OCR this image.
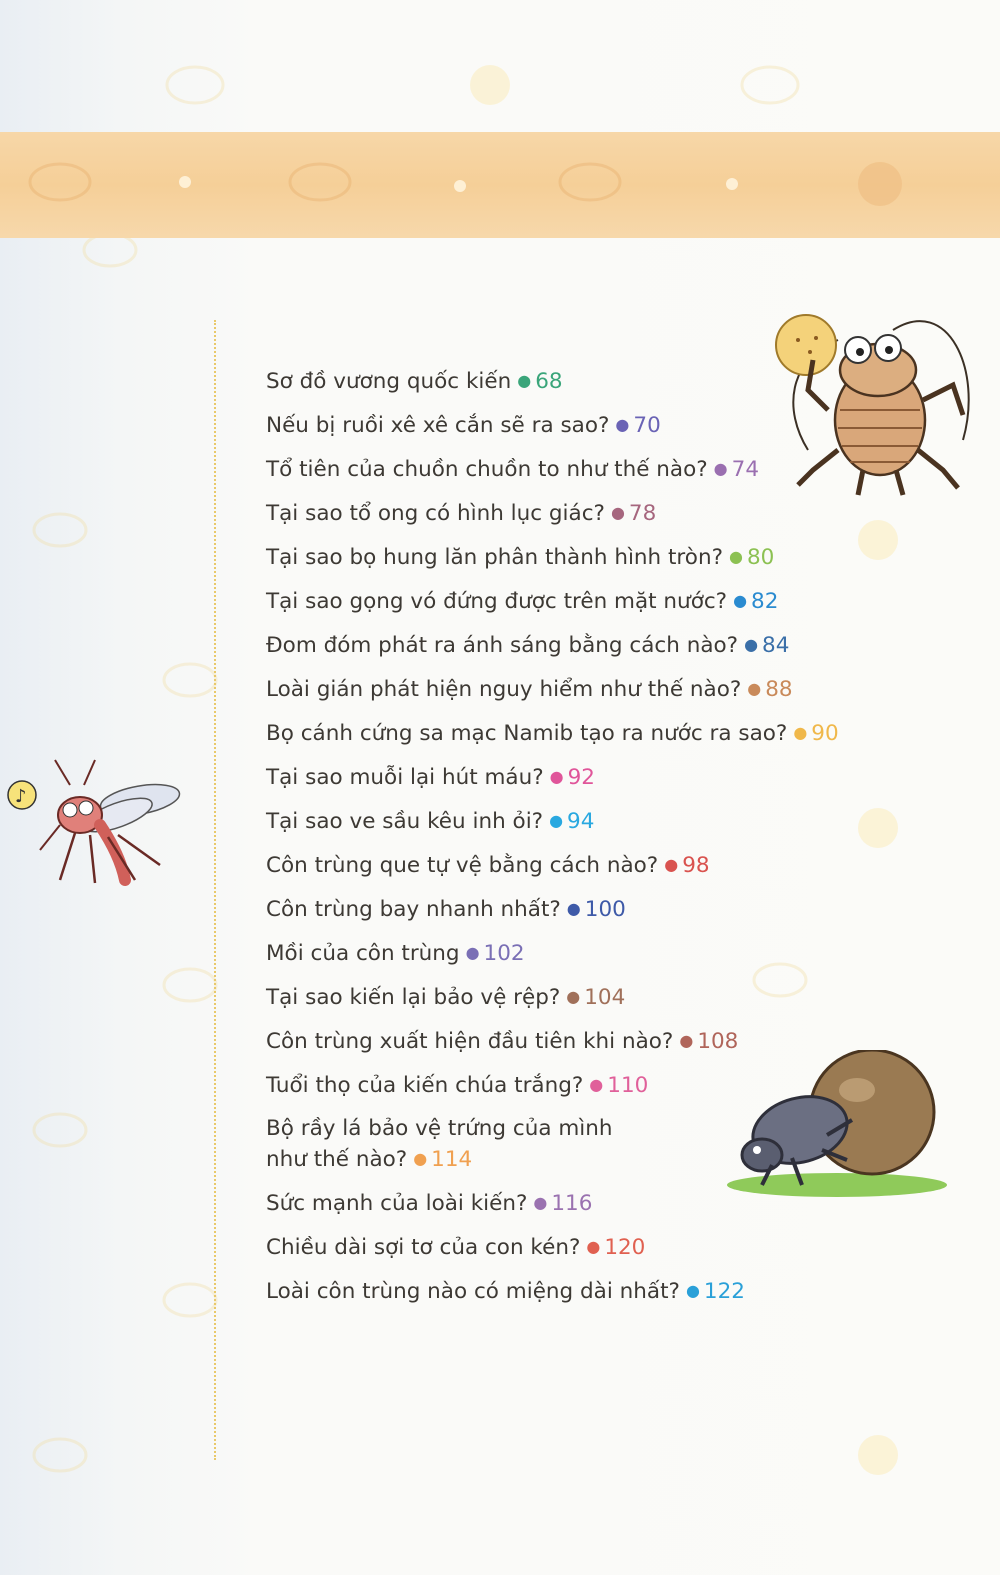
Sơ đồ vương quốc kiến ● 68
Nếu bị ruồi xê xê cắn sẽ ra sao? ● 70
Tổ tiên của chuồn chuồn to như thế nào? ● 74
Tại sao tổ ong có hình lục giác? ● 78
Tại sao bọ hung lăn phân thành hình tròn? ● 80
Tại sao gọng vó đứng được trên mặt nước? ● 82
Đom đóm phát ra ánh sáng bằng cách nào? ● 84
Loài gián phát hiện nguy hiểm như thế nào? ● 88
Bọ cánh cứng sa mạc Namib tạo ra nước ra sao? ● 90
Tại sao muỗi lại hút máu? ● 92
Tại sao ve sầu kêu inh ỏi? ● 94
Côn trùng que tự vệ bằng cách nào? ● 98
Côn trùng bay nhanh nhất? ● 100
Mồi của côn trùng ● 102
Tại sao kiến lại bảo vệ rệp? ● 104
Côn trùng xuất hiện đầu tiên khi nào? ● 108
Tuổi thọ của kiến chúa trắng? ● 110
Bộ rầy lá bảo vệ trứng của mình như thế nào? ● 114
Sức mạnh của loài kiến? ● 116
Chiều dài sợi tơ của con kén? ● 120
Loài côn trùng nào có miệng dài nhất? ● 122
♪
